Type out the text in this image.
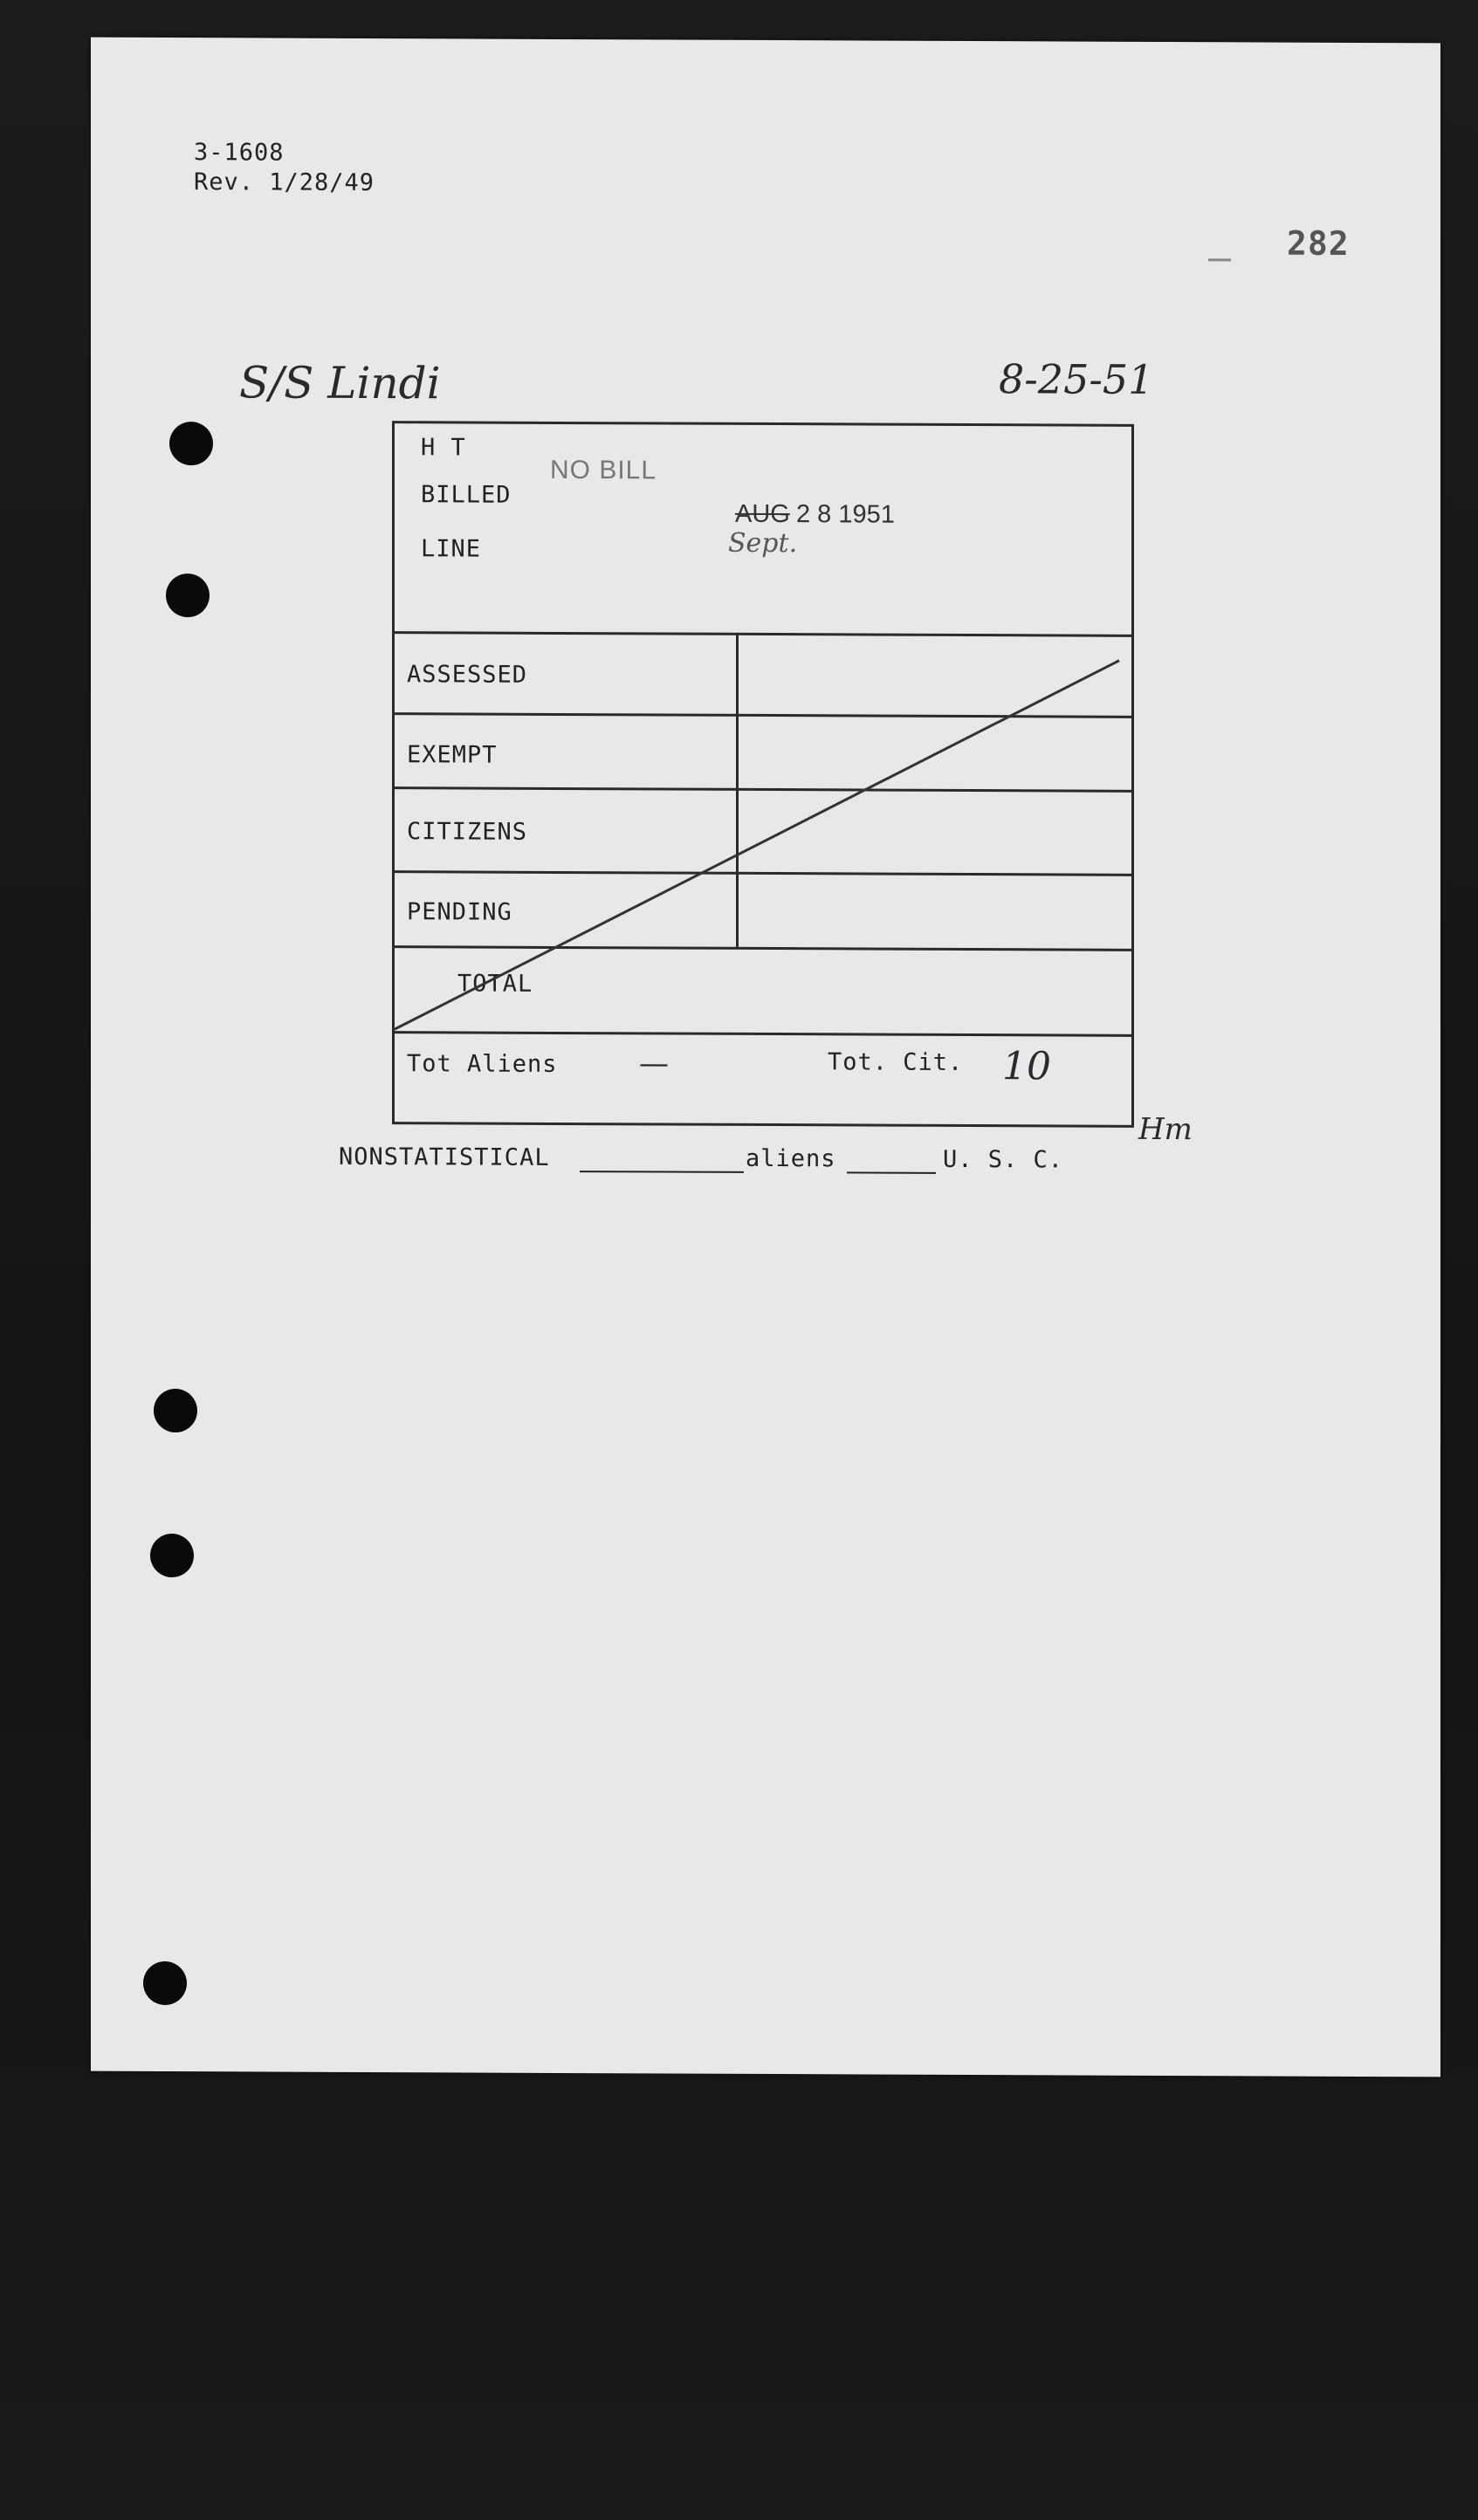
3-1608
Rev. 1/28/49
282
S/S Lindi	8-25-51
H T
BILLED
LINE
NO BILL
AUG 2 8 1951
Sept.
ASSESSED
EXEMPT
CITIZENS
PENDING
TOTAL
Tot Aliens	—	Tot. Cit. 10
Hm
NONSTATISTICAL	aliens	U. S. C.
